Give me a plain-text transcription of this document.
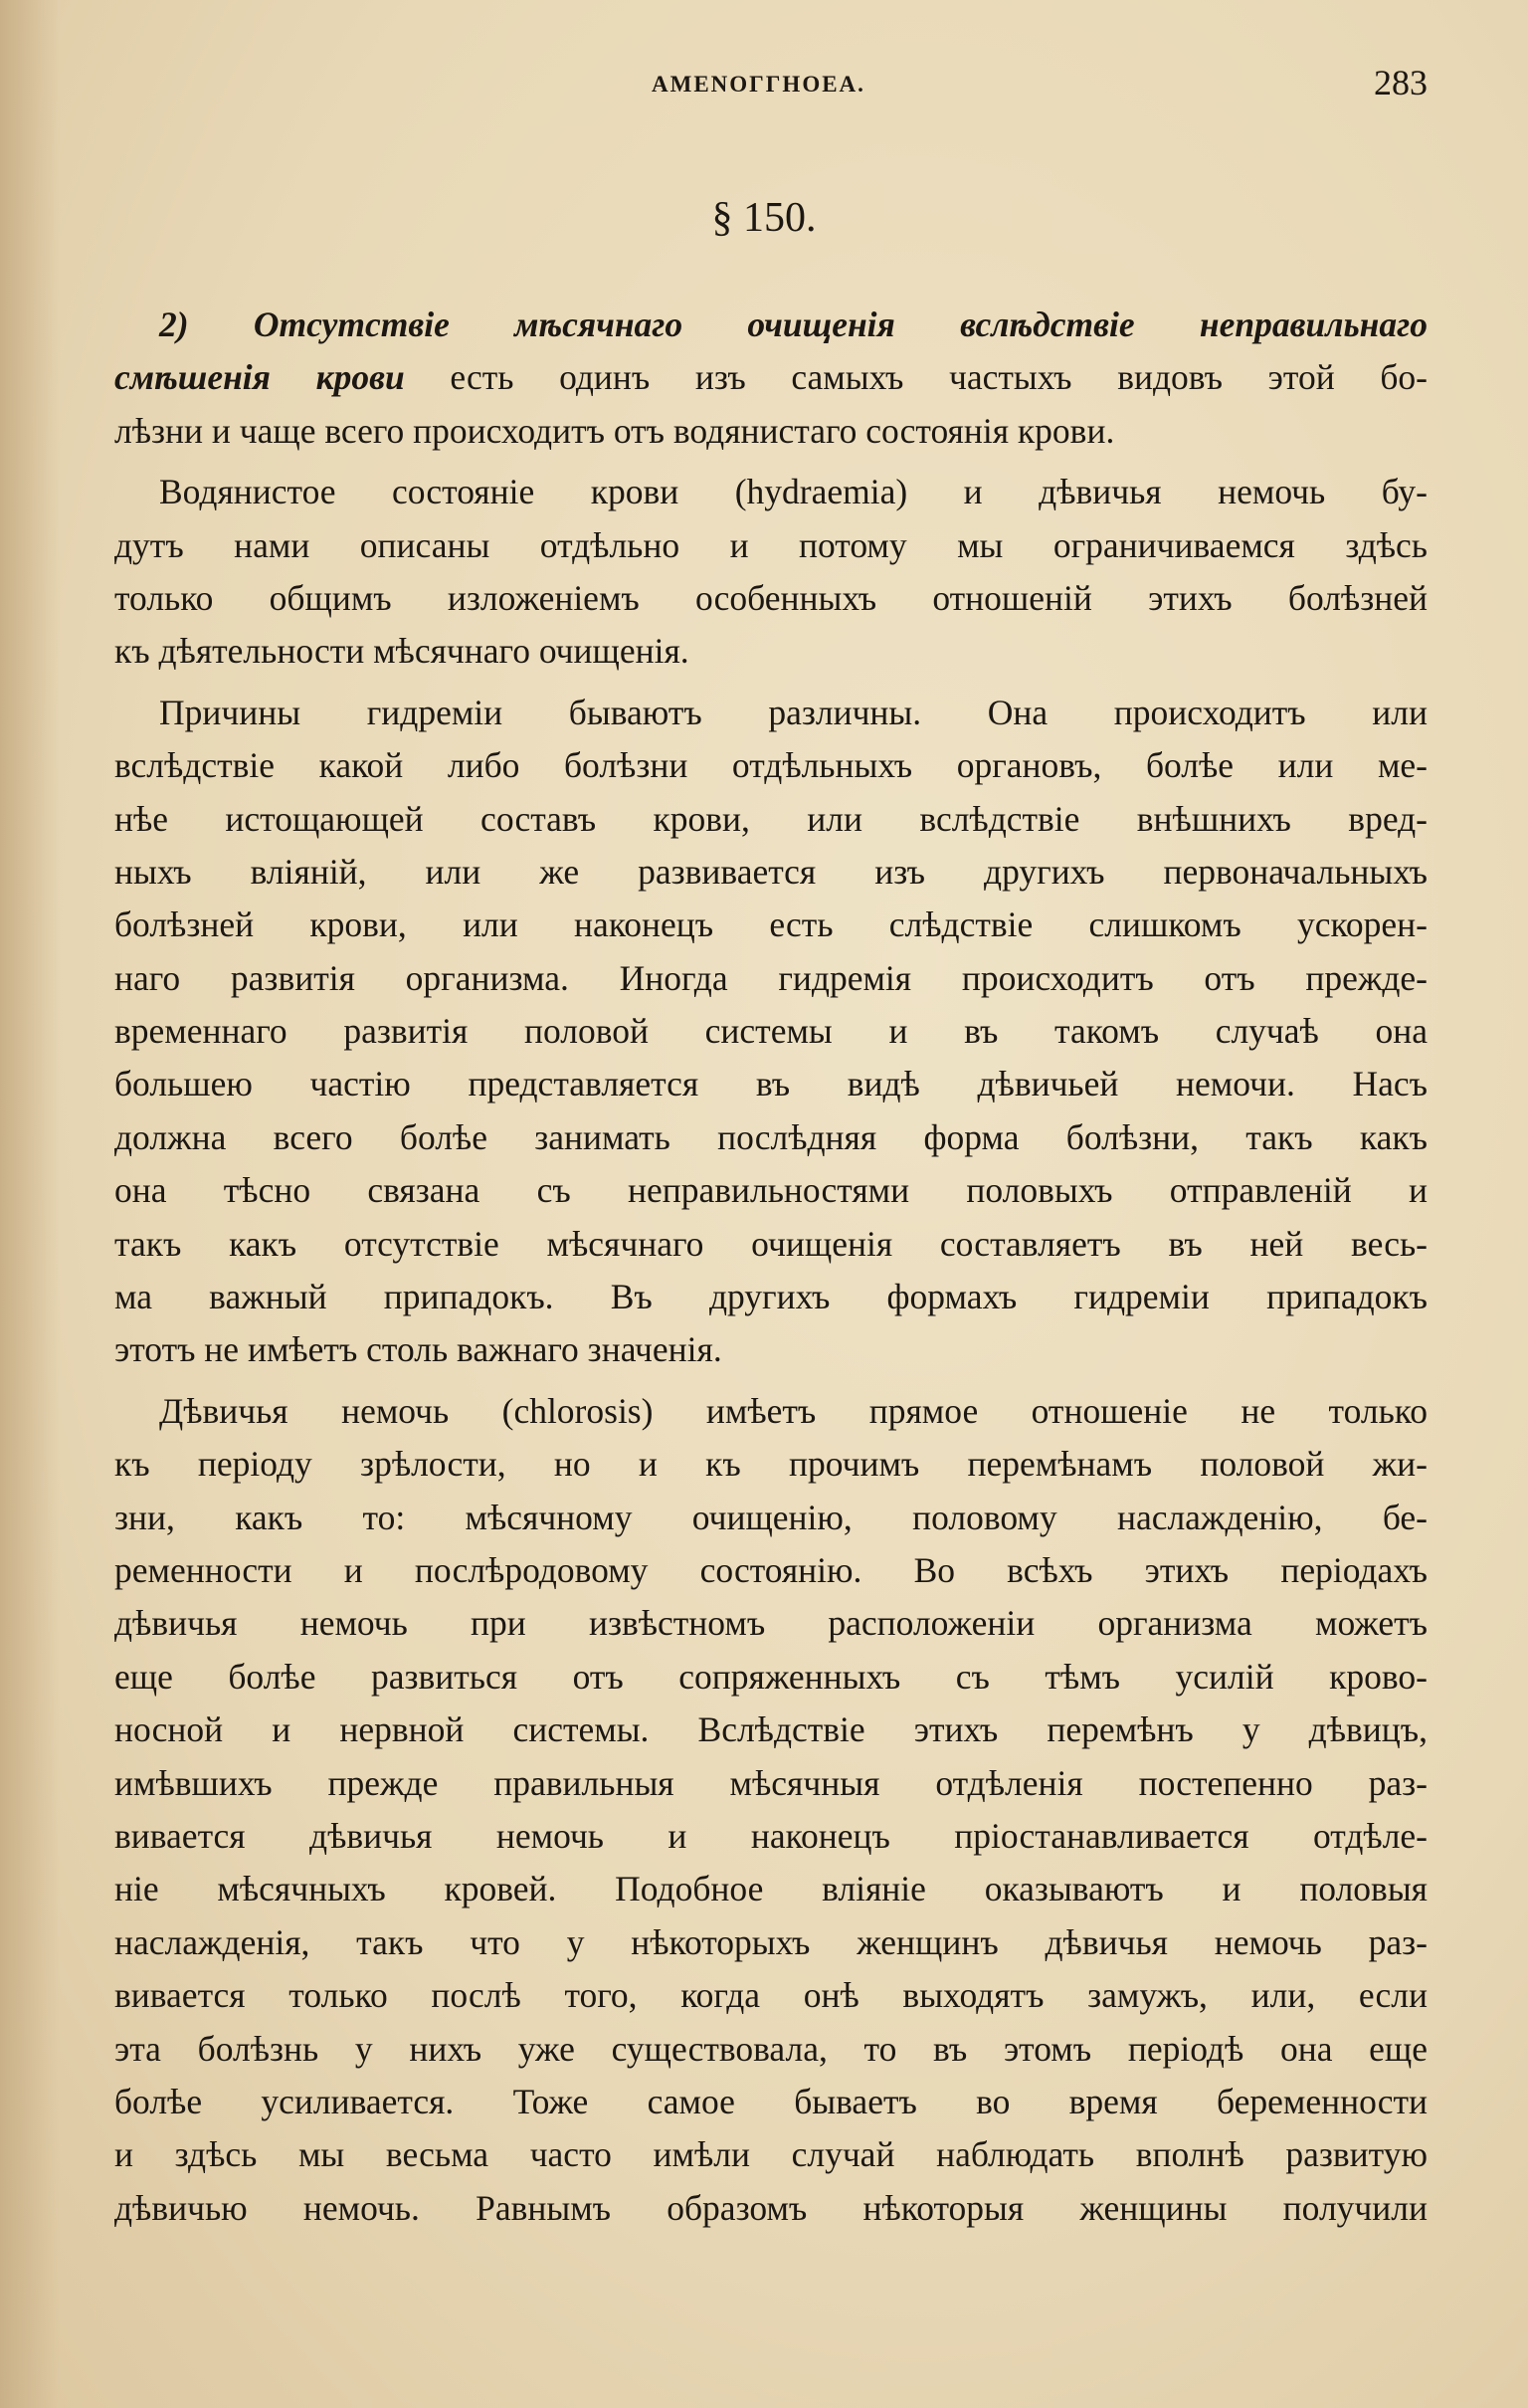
AMENOГГHOEA.	283
§ 150.
2) Отсутствіе мѣсячнаго очищенія вслѣдствіе неправильнаго
смѣшенія крови есть одинъ изъ самыхъ частыхъ видовъ этой бо-
лѣзни и чаще всего происходитъ отъ водянистаго состоянія крови.
Водянистое состояніе крови (hydraemia) и дѣвичья немочь бу-
дутъ нами описаны отдѣльно и потому мы ограничиваемся здѣсь
только общимъ изложеніемъ особенныхъ отношеній этихъ болѣзней
къ дѣятельности мѣсячнаго очищенія.
Причины гидреміи бываютъ различны. Она происходитъ или
вслѣдствіе какой либо болѣзни отдѣльныхъ органовъ, болѣе или ме-
нѣе истощающей составъ крови, или вслѣдствіе внѣшнихъ вред-
ныхъ вліяній, или же развивается изъ другихъ первоначальныхъ
болѣзней крови, или наконецъ есть слѣдствіе слишкомъ ускорен-
наго развитія организма. Иногда гидремія происходитъ отъ прежде-
временнаго развитія половой системы и въ такомъ случаѣ она
большею частію представляется въ видѣ дѣвичьей немочи. Насъ
должна всего болѣе занимать послѣдняя форма болѣзни, такъ какъ
она тѣсно связана съ неправильностями половыхъ отправленій и
такъ какъ отсутствіе мѣсячнаго очищенія составляетъ въ ней весь-
ма важный припадокъ. Въ другихъ формахъ гидреміи припадокъ
этотъ не имѣетъ столь важнаго значенія.
Дѣвичья немочь (chlorosis) имѣетъ прямое отношеніе не только
къ періоду зрѣлости, но и къ прочимъ перемѣнамъ половой жи-
зни, какъ то: мѣсячному очищенію, половому наслажденію, бе-
ременности и послѣродовому состоянію. Во всѣхъ этихъ періодахъ
дѣвичья немочь при извѣстномъ расположеніи организма можетъ
еще болѣе развиться отъ сопряженныхъ съ тѣмъ усилій крово-
носной и нервной системы. Вслѣдствіе этихъ перемѣнъ у дѣвицъ,
имѣвшихъ прежде правильныя мѣсячныя отдѣленія постепенно раз-
вивается дѣвичья немочь и наконецъ пріостанавливается отдѣле-
ніе мѣсячныхъ кровей. Подобное вліяніе оказываютъ и половыя
наслажденія, такъ что у нѣкоторыхъ женщинъ дѣвичья немочь раз-
вивается только послѣ того, когда онѣ выходятъ замужъ, или, если
эта болѣзнь у нихъ уже существовала, то въ этомъ періодѣ она еще
болѣе усиливается. Тоже самое бываетъ во время беременности
и здѣсь мы весьма часто имѣли случай наблюдать вполнѣ развитую
дѣвичью немочь. Равнымъ образомъ нѣкоторыя женщины получили
